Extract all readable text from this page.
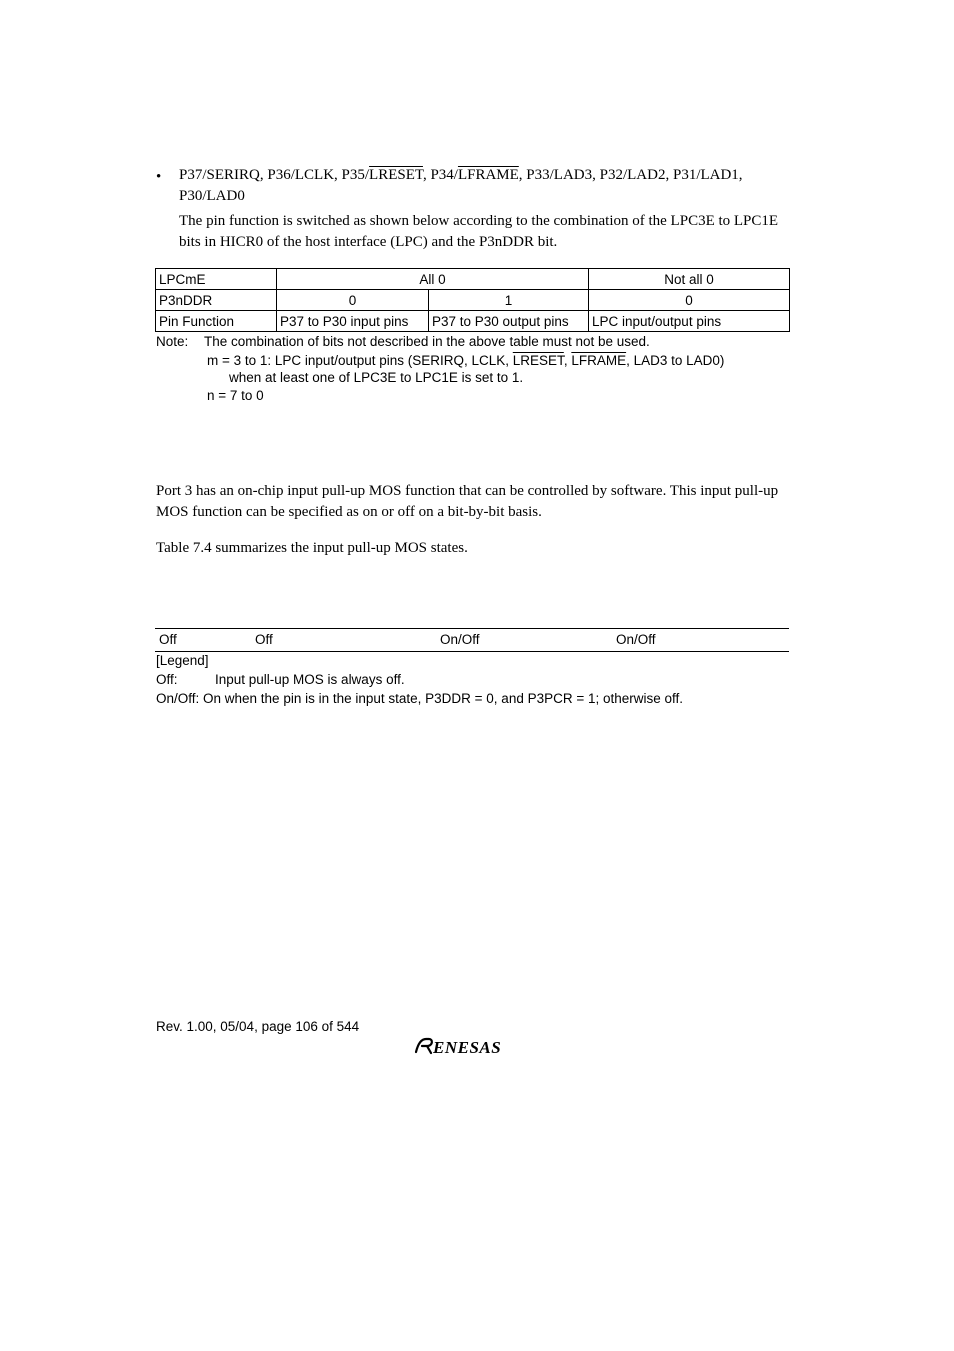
• P37/SERIRQ, P36/LCLK, P35/LRESET, P34/LFRAME, P33/LAD3, P32/LAD2, P31/LAD1,
P30/LAD0
The pin function is switched as shown below according to the combination of the LPC3E to LPC1E bits in HICR0 of the host interface (LPC) and the P3nDDR bit.
LPCmE	All 0		Not all 0
P3nDDR	0	1	0
Pin Function	P37 to P30 input pins	P37 to P30 output pins	LPC input/output pins
Note: The combination of bits not described in the above table must not be used.
m = 3 to 1: LPC input/output pins (SERIRQ, LCLK, LRESET, LFRAME, LAD3 to LAD0)
when at least one of LPC3E to LPC1E is set to 1.
n = 7 to 0
Port 3 has an on-chip input pull-up MOS function that can be controlled by software. This input pull-up MOS function can be specified as on or off on a bit-by-bit basis.
Table 7.4 summarizes the input pull-up MOS states.
Off	Off	On/Off	On/Off
[Legend]
Off:	Input pull-up MOS is always off.
On/Off: On when the pin is in the input state, P3DDR = 0, and P3PCR = 1; otherwise off.
Rev. 1.00, 05/04, page 106 of 544
ENESAS
